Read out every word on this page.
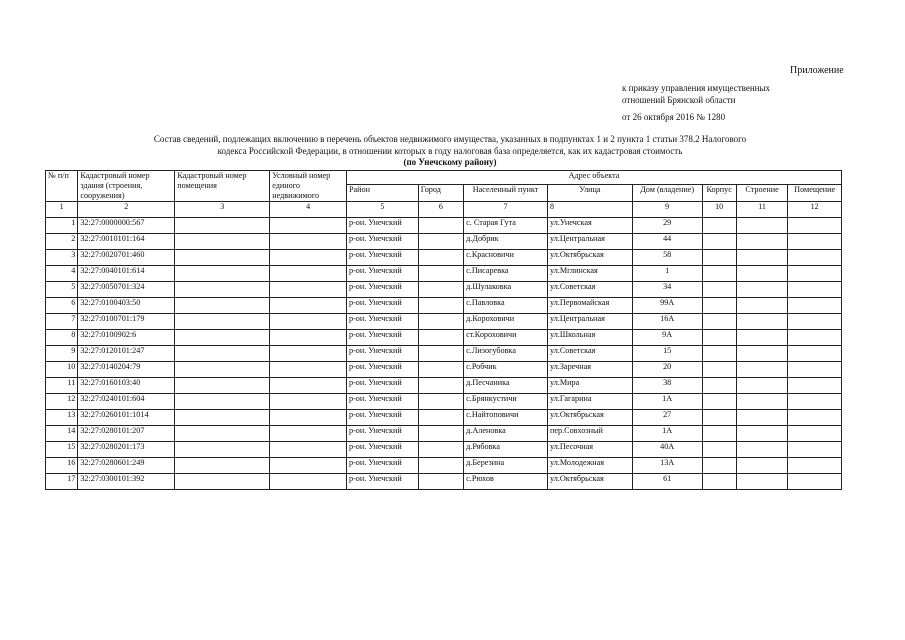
Приложение
к приказу управления имущественных
отношений Брянской области
от 26 октября 2016 № 1280
Состав сведений, подлежащих включению в перечень объектов недвижимого имущества, указанных в подпунктах 1 и 2 пункта 1 статьи 378.2 Налогового
кодекса Российской Федерации, в отношении которых в году налоговая база определяется, как их кадастровая стоимость
(по Унечскому району)
№ п/п	Кадастровый номер здания (строения, сооружения)	Кадастровый номер помещения	Условный номер единого недвижимого	Адрес объекта							
				Район	Город	Населенный пункт	Улица	Дом (владение)	Корпус	Строение	Помещение
1	2	3	4	5	6	7	8	9	10	11	12
1	32:27:0000000:567			р-он. Унечский		с. Старая Гута	ул.Унечская	29			
2	32:27:0010101:164			р-он. Унечский		д.Добрик	ул.Центральная	44			
3	32:27:0020701:460			р-он. Унечский		с.Красновичи	ул.Октябрьская	58			
4	32:27:0040101:614			р-он. Унечский		с.Писаревка	ул.Мглинская	1			
5	32:27:0050701:324			р-он. Унечский		д.Шулаковка	ул.Советская	34			
6	32:27:0100403:50			р-он. Унечский		с.Павловка	ул.Первомайская	99А			
7	32:27:0100701:179			р-он. Унечский		д.Короховичи	ул.Центральная	16А			
8	32:27:0100902:6			р-он. Унечский		ст.Короховичи	ул.Школьная	9А			
9	32:27:0120101:247			р-он. Унечский		с.Лизогубовка	ул.Советская	15			
10	32:27:0140204:79			р-он. Унечский		с.Робчик	ул.Заречная	20			
11	32:27:0160103:40			р-он. Унечский		д.Песчаника	ул.Мира	38			
12	32:27:0240101:604			р-он. Унечский		с.Брянкустичи	ул.Гагарина	1А			
13	32:27:0260101:1014			р-он. Унечский		с.Найтоповичи	ул.Октябрьская	27			
14	32:27:0280101:207			р-он. Унечский		д.Аленовка	пер.Совхозный	1А			
15	32:27:0280201:173			р-он. Унечский		д.Рябовка	ул.Песочная	40А			
16	32:27:0280601:249			р-он. Унечский		д.Березина	ул.Молодежная	13А			
17	32:27:0300101:392			р-он. Унечский		с.Рюхов	ул.Октябрьская	61			
